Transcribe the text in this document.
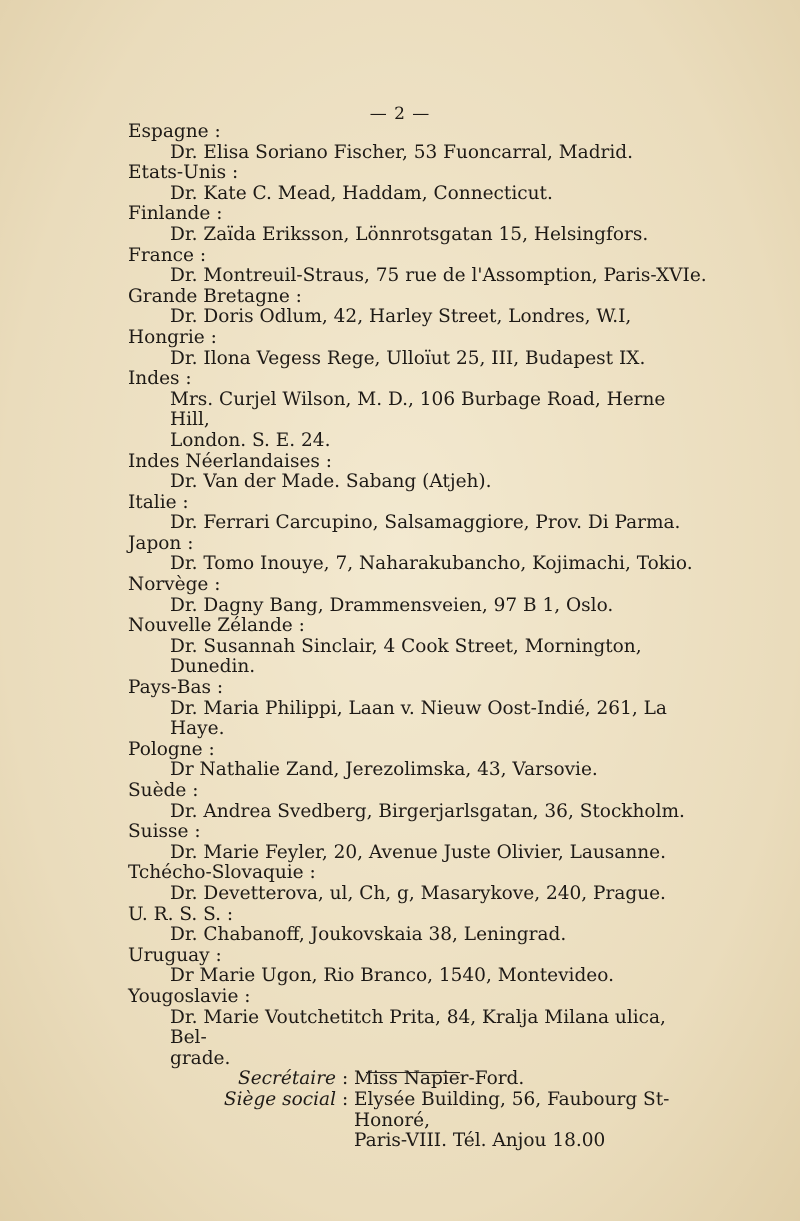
— 2 —
Espagne :
Dr. Elisa Soriano Fischer, 53 Fuoncarral, Madrid.
Etats-Unis :
Dr. Kate C. Mead, Haddam, Connecticut.
Finlande :
Dr. Zaïda Eriksson, Lönnrotsgatan 15, Helsingfors.
France :
Dr. Montreuil-Straus, 75 rue de l'Assomption, Paris-XVIe.
Grande Bretagne :
Dr. Doris Odlum, 42, Harley Street, Londres, W.I,
Hongrie :
Dr. Ilona Vegess Rege, Ulloïut 25, III, Budapest IX.
Indes :
Mrs. Curjel Wilson, M. D., 106 Burbage Road, Herne Hill,
London. S. E. 24.
Indes Néerlandaises :
Dr. Van der Made. Sabang (Atjeh).
Italie :
Dr. Ferrari Carcupino, Salsamaggiore, Prov. Di Parma.
Japon :
Dr. Tomo Inouye, 7, Naharakubancho, Kojimachi, Tokio.
Norvège :
Dr. Dagny Bang, Drammensveien, 97 B 1, Oslo.
Nouvelle Zélande :
Dr. Susannah Sinclair, 4 Cook Street, Mornington, Dunedin.
Pays-Bas :
Dr. Maria Philippi, Laan v. Nieuw Oost-Indié, 261, La Haye.
Pologne :
Dr Nathalie Zand, Jerezolimska, 43, Varsovie.
Suède :
Dr. Andrea Svedberg, Birgerjarlsgatan, 36, Stockholm.
Suisse :
Dr. Marie Feyler, 20, Avenue Juste Olivier, Lausanne.
Tchécho-Slovaquie :
Dr. Devetterova, ul, Ch, g, Masarykove, 240, Prague.
U. R. S. S. :
Dr. Chabanoff, Joukovskaia 38, Leningrad.
Uruguay :
Dr Marie Ugon, Rio Branco, 1540, Montevideo.
Yougoslavie :
Dr. Marie Voutchetitch Prita, 84, Kralja Milana ulica, Bel-
grade.
Secrétaire : Miss Napier-Ford.
Siège social : Elysée Building, 56, Faubourg St-Honoré,
Paris-VIII. Tél. Anjou 18.00
